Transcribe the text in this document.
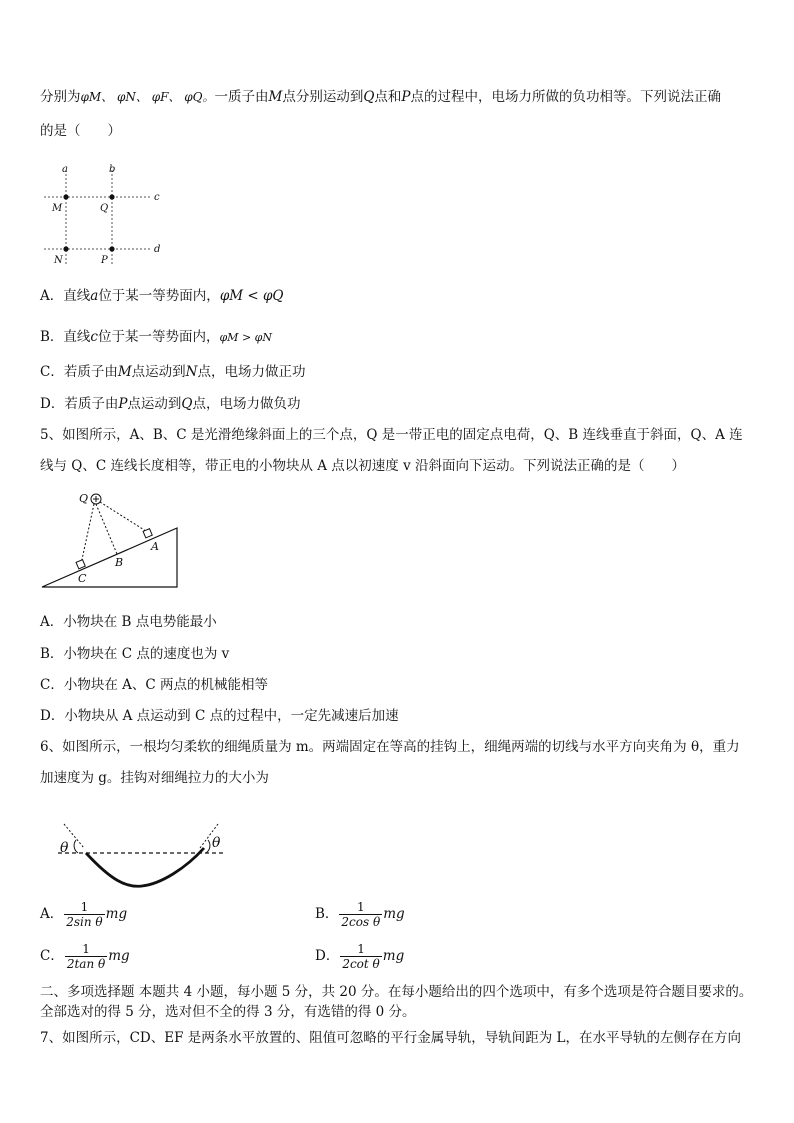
分别为φM、 φN、 φF、 φQ。一质子由M点分别运动到Q点和P点的过程中，电场力所做的负功相等。下列说法正确
的是（　　）
a	b
c
d
M	Q
N	P
A．直线a位于某一等势面内，φM < φQ
B．直线c位于某一等势面内，φM > φN
C．若质子由M点运动到N点，电场力做正功
D．若质子由P点运动到Q点，电场力做负功
5、如图所示，A、B、C 是光滑绝缘斜面上的三个点，Q 是一带正电的固定点电荷，Q、B 连线垂直于斜面，Q、A 连
线与 Q、C 连线长度相等，带正电的小物块从 A 点以初速度 v 沿斜面向下运动。下列说法正确的是（　　）
Q
A
B
C
A．小物块在 B 点电势能最小
B．小物块在 C 点的速度也为 v
C．小物块在 A、C 两点的机械能相等
D．小物块从 A 点运动到 C 点的过程中，一定先减速后加速
6、如图所示，一根均匀柔软的细绳质量为 m。两端固定在等高的挂钩上，细绳两端的切线与水平方向夹角为 θ，重力
加速度为 g。挂钩对细绳拉力的大小为
θ	θ
A． $\frac{1}{\text{2sin θ}}$ mg	B． $\frac{1}{\text{2cos θ}}$ mg
C． $\frac{1}{\text{2tan θ}}$ mg	D． $\frac{1}{\text{2cot θ}}$ mg
二、多项选择题 本题共 4 小题，每小题 5 分，共 20 分。在每小题给出的四个选项中，有多个选项是符合题目要求的。
全部选对的得 5 分，选对但不全的得 3 分，有选错的得 0 分。
7、如图所示，CD、EF 是两条水平放置的、阻值可忽略的平行金属导轨，导轨间距为 L，在水平导轨的左侧存在方向
